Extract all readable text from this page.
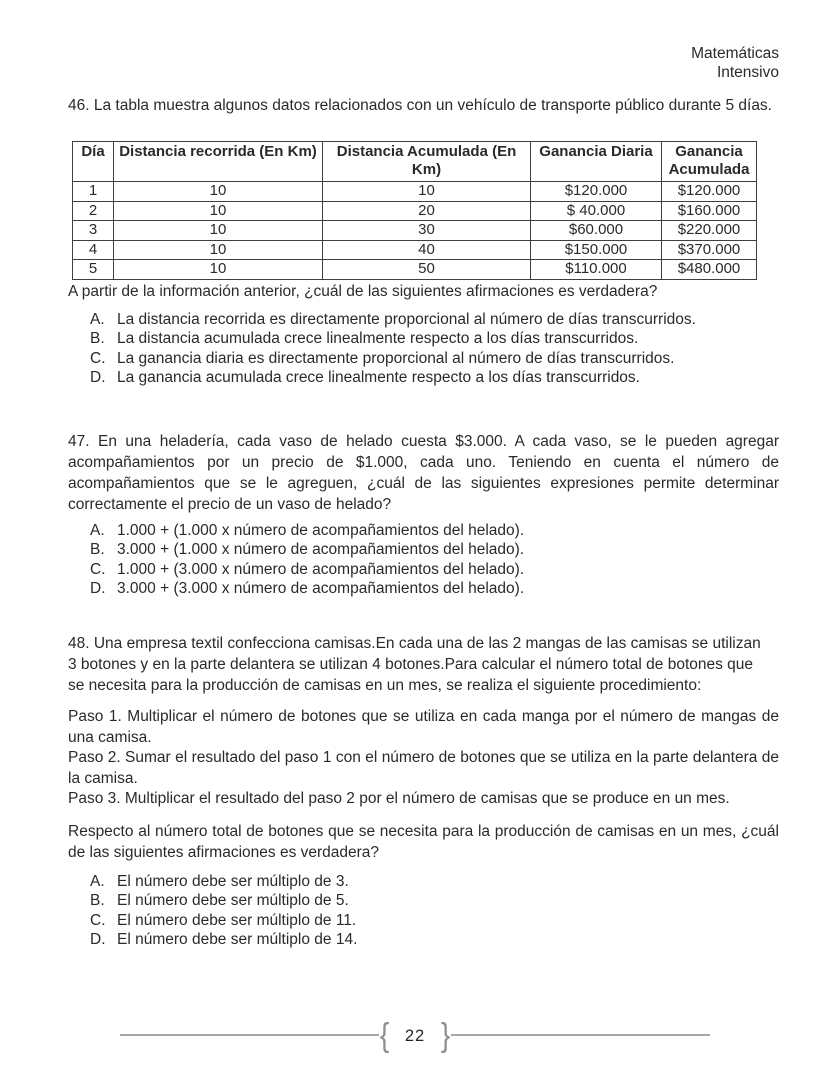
Matemáticas
Intensivo
46. La tabla muestra algunos datos relacionados con un vehículo de transporte público durante 5 días.
Día	Distancia recorrida (En Km)	Distancia Acumulada (En Km)	Ganancia Diaria	Ganancia Acumulada
1	10	10	$120.000	$120.000
2	10	20	$ 40.000	$160.000
3	10	30	$60.000	$220.000
4	10	40	$150.000	$370.000
5	10	50	$110.000	$480.000
A partir de la información anterior, ¿cuál de las siguientes afirmaciones es verdadera?
A. La distancia recorrida es directamente proporcional al número de días transcurridos.
B. La distancia acumulada crece linealmente respecto a los días transcurridos.
C. La ganancia diaria es directamente proporcional al número de días transcurridos.
D. La ganancia acumulada crece linealmente respecto a los días transcurridos.
47. En una heladería, cada vaso de helado cuesta $3.000. A cada vaso, se le pueden agregar acompañamientos por un precio de $1.000, cada uno. Teniendo en cuenta el número de acompañamientos que se le agreguen, ¿cuál de las siguientes expresiones permite determinar correctamente el precio de un vaso de helado?
A. 1.000 + (1.000 x número de acompañamientos del helado).
B. 3.000 + (1.000 x número de acompañamientos del helado).
C. 1.000 + (3.000 x número de acompañamientos del helado).
D. 3.000 + (3.000 x número de acompañamientos del helado).
48. Una empresa textil confecciona camisas.En cada una de las 2 mangas de las camisas se utilizan 3 botones y en la parte delantera se utilizan 4 botones.Para calcular el número total de botones que se necesita para la producción de camisas en un mes, se realiza el siguiente procedimiento:

Paso 1. Multiplicar el número de botones que se utiliza en cada manga por el número de mangas de una camisa.

Paso 2. Sumar el resultado del paso 1 con el número de botones que se utiliza en la parte delantera de la camisa.

Paso 3. Multiplicar el resultado del paso 2 por el número de camisas que se produce en un mes.

Respecto al número total de botones que se necesita para la producción de camisas en un mes, ¿cuál de las siguientes afirmaciones es verdadera?
A. El número debe ser múltiplo de 3.
B. El número debe ser múltiplo de 5.
C. El número debe ser múltiplo de 11.
D. El número debe ser múltiplo de 14.
{ 22 }
